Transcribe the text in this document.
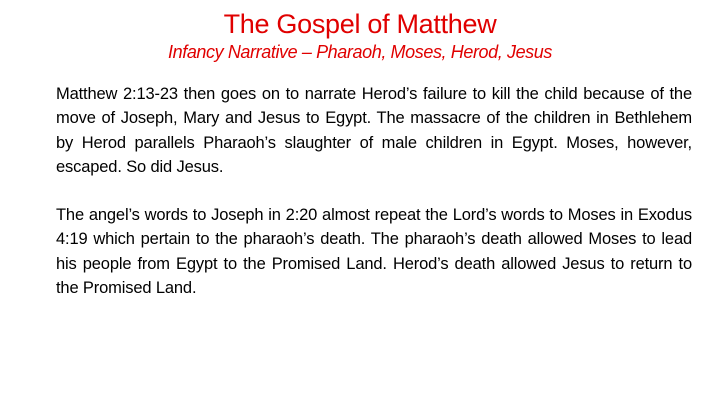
The Gospel of Matthew
Infancy Narrative – Pharaoh, Moses, Herod, Jesus

Matthew 2:13-23 then goes on to narrate Herod’s failure to kill the child because of the move of Joseph, Mary and Jesus to Egypt. The massacre of the children in Bethlehem by Herod parallels Pharaoh’s slaughter of male children in Egypt. Moses, however, escaped. So did Jesus.

The angel’s words to Joseph in 2:20 almost repeat the Lord’s words to Moses in Exodus 4:19 which pertain to the pharaoh’s death. The pharaoh’s death allowed Moses to lead his people from Egypt to the Promised Land. Herod’s death allowed Jesus to return to the Promised Land.
